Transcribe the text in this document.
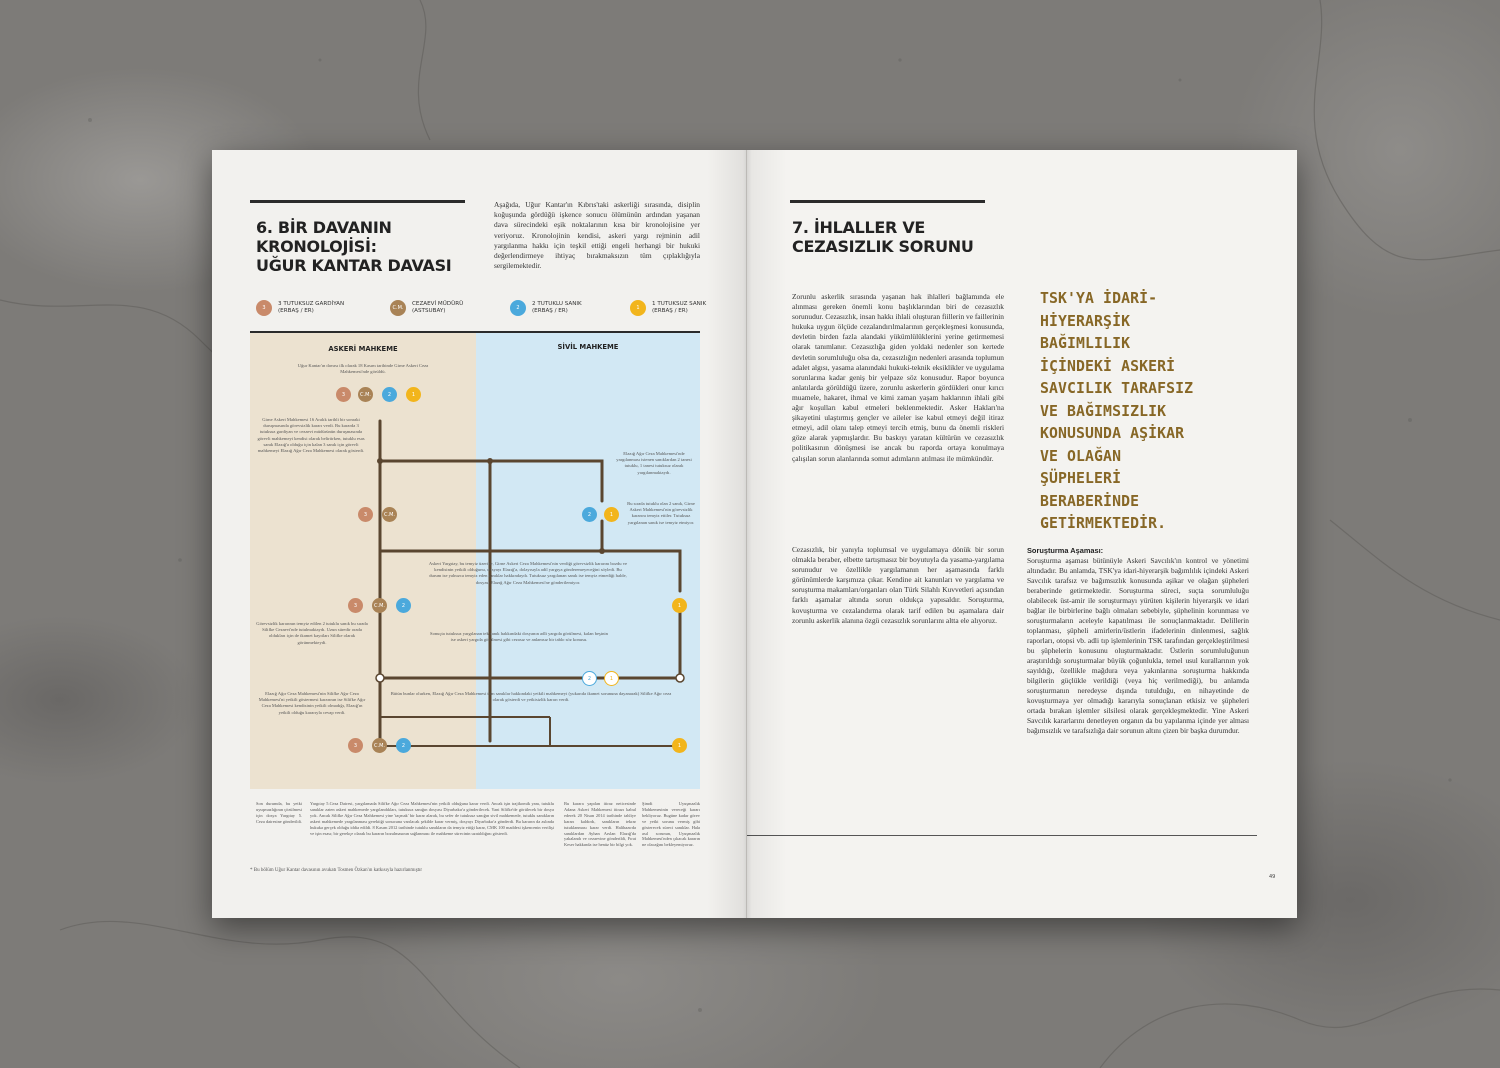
6. BİR DAVANIN
KRONOLOJİSİ:
UĞUR KANTAR DAVASI
Aşağıda, Uğur Kantar'ın Kıbrıs'taki askerliği sırasında, disiplin koğuşunda gördüğü işkence sonucu ölümünün ardından yaşanan dava sürecindeki eşik noktalarının kısa bir kronolojisine yer veriyoruz. Kronolojinin kendisi, askeri yargı rejminin adil yargılanma hakkı için teşkil ettiği engeli herhangi bir hukuki değerlendirmeye ihtiyaç bırakmaksızın tüm çıplaklığıyla sergilemektedir.
3
3 TUTUKSUZ GARDİYAN
(ERBAŞ / ER)
C.M.
CEZAEVİ MÜDÜRÜ
(ASTSUBAY)
2
2 TUTUKLU SANIK
(ERBAŞ / ER)
1
1 TUTUKSUZ SANIK
(ERBAŞ / ER)
ASKERİ MAHKEME	SİVİL MAHKEME
Uğur Kantar'ın davası ilk olarak 18 Kasım tarihinde Girne Askeri Ceza Mahkemesi'nde görüldü.
3	C.M.	2	1
Girne Askeri Mahkemesi 16 Aralık tarihli bir sonraki duruşmasında görevsizlik kararı verdi. Bu kararda 3 tutuksuz gardiyan ve cezaevi müdürünün duruşmasında görevli mahkemeyi kendisi olarak belirtirken, tutuklu esas sanık Elazığ'a olduğu için kalan 3 sanık için görevli mahkemeyi Elazığ Ağır Ceza Mahkemesi olarak gösterdi.
Elazığ Ağır Ceza Mahkemesi'nde yargılanması istenen sanıklardan 2 tanesi tutuklu, 1 tanesi tutuksuz olarak yargılanmaktaydı.
3	C.M.	2	1
Bu sırada tutuklu olan 2 sanık, Girne Askeri Mahkemesi'nin görevsizlik kararını temyiz ettiler. Tutuksuz yargılanan sanık ise temyiz etmiyor.
Askeri Yargıtay, bu temyiz üzerine, Girne Askeri Ceza Mahkemesi'nin verdiği görevsizlik kararını bozdu ve kendisinin yetkili olduğunu, dosyayı Elazığ'a, dolayısıyla adil yargıya gönderemeyeceğini söyledi. Bu durum ise yalnızca temyiz eden sanıklar hakkındaydı. Tutuksuz yargılanan sanık ise temyiz etmediği halde, dosyası Elazığ Ağır Ceza Mahkemesi'ne gönderilemiyor.
3	C.M.	2	1
Sonuçta tutuksuz yargılanan tek sanık hakkındaki dosyanın adli yargıda görülmesi, kalan beşinin ise askeri yargıda görülmesi gibi cezasız ve anlamsız bir tablo söz konusu.
Görevsizlik kararının temyiz edilen 2 tutuklu sanık bu sırada Silifke Cezaevi'nde tutulmaktaydı. Uzun süredir orada oldukları için de ikamet kayıtları Silifke olarak görünmekteydi.
2	1
Bütün bunlar olurken, Elazığ Ağır Ceza Mahkemesi tüm sanıklar hakkındaki yetkili mahkemeyi (yukarıda ikamet sorununa dayanarak) Silifke Ağır ceza olarak gösterdi ve yetkisizlik kararı verdi.
Elazığ Ağır Ceza Mahkemesi'nin Silifke Ağır Ceza Mahkemesi'ni yetkili göstermesi kararının ise Silifke Ağır Ceza Mahkemesi kendisinin yetkili olmadığı, Elazığ'ın yetkili olduğu kararıyla cevap verdi.
3	C.M.	2	1
Son durumda, bu yetki uyuşmazlığının çözülmesi için dosya Yargıtay 5. Ceza dairesine gönderildi.
Yargıtay 5.Ceza Dairesi, yargılamada Silifke Ağır Ceza Mahkemesi'nin yetkili olduğuna karar verdi. Ancak işin trajikomik yanı, tutuklu sanıklar zaten askeri mahkemede yargılandıkları, tutuksuz sanığın dosyası Diyarbakır'a gönderilecek. Yani Silifke'de görülecek bir dosya yok. Ancak Silifke Ağır Ceza Mahkemesi yine 'taçmak' bir karar alarak, bu sefer de tutuksuz sanığın sivil mahkemede, tutuklu sanıkların askeri mahkemede yargılanması gerektiği sonucuna varılacak şekilde karar vermiş, dosyayı Diyarbakır'a gönderdi. Bu kararın da aslında hukuka gerçek olduğu iddia edildi. 8 Kasım 2012 tarihinde tutuklu sanıkların da temyiz ettiği karar, CMK 100 maddesi işkencenin verilişi ve işin esası; bir gerekçe olarak bu kararın bozulmasının sağlanması ile mahkeme sürecinin uzatıldığını gösterdi.
Bu karara yapılan itiraz neticesinde Adana Askeri Mahkemesi itirazı kabul ederek 20 Nisan 2014 tarihinde tahliye kararı kaldırdı, sanıkların tekrar tutuklanması karar verdi. Halihazırda sanıklardan Ayhan Arslan Elazığ'da yakalandı ve cezaevine gönderildi, Fırat Keser hakkında ise henüz bir bilgi yok.
Şimdi Uyuşmazlık Mahkemesinin vereceği kararı bekliyoruz. Bugüne kadar görev ve yetki sorunu vermiş gibi gösterecek süreci sanıklar. Hala asıl sorunun, Uyuşmazlık Mahkemesi'nden çıkacak kararın ne olacağını bekleyemiyoruz.
* Bu bölüm Uğur Kantar davasının avukatı Tosmen Özkan'ın katkısıyla hazırlanmıştır
7. İHLALLER VE
CEZASIZLIK SORUNU
Zorunlu askerlik sırasında yaşanan hak ihlalleri bağlamında ele alınması gereken önemli konu başlıklarından biri de cezasızlık sorunudur. Cezasızlık, insan hakkı ihlali oluşturan fiillerin ve faillerinin hukuka uygun ölçüde cezalandırılmalarının gerçekleşmesi konusunda, devletin birden fazla alandaki yükümlülüklerini yerine getirmemesi olarak tanımlanır. Cezasızlığa giden yoldaki nedenler son kertede devletin sorumluluğu olsa da, cezasızlığın nedenleri arasında toplumun adalet algısı, yasama alanındaki hukuki-teknik eksiklikler ve uygulama sorunlarına kadar geniş bir yelpaze söz konusudur. Rapor boyunca anlatılarda görüldüğü üzere, zorunlu askerlerin gördükleri onur kırıcı muamele, hakaret, ihmal ve kimi zaman yaşam haklarının ihlali gibi ağır koşulları kabul etmeleri beklenmektedir. Asker Hakları'na şikayetini ulaştırmış gençler ve aileler ise kabul etmeyi değil itiraz etmeyi, adil olanı talep etmeyi tercih etmiş, bunu da önemli riskleri göze alarak yapmışlardır. Bu baskıyı yaratan kültürün ve cezasızlık politikasının dönüşmesi ise ancak bu raporda ortaya konulmaya çalışılan sorun alanlarında somut adımların atılması ile mümkündür.
Cezasızlık, bir yanıyla toplumsal ve uygulamaya dönük bir sorun olmakla beraber, elbette tartışmasız bir boyutuyla da yasama-yargılama sorunudur ve özellikle yargılamanın her aşamasında farklı görünümlerde karşımıza çıkar. Kendine ait kanunları ve yargılama ve soruşturma makamları/organları olan Türk Silahlı Kuvvetleri açısından farklı aşamalar altında sorun oldukça yapısaldır. Soruşturma, kovuşturma ve cezalandırma olarak tarif edilen bu aşamalara dair zorunlu askerlik alanına özgü cezasızlık sorunlarını altta ele alıyoruz.
TSK'YA İDARİ-HİYERARŞİK BAĞIMLILIK İÇİNDEKİ ASKERİ SAVCILIK TARAFSIZ VE BAĞIMSIZLIK KONUSUNDA AŞİKAR VE OLAĞAN ŞÜPHELERİ BERABERİNDE GETİRMEKTEDİR.
Soruşturma Aşaması:
Soruşturma aşaması bütünüyle Askeri Savcılık'ın kontrol ve yönetimi altındadır. Bu anlamda, TSK'ya idari-hiyerarşik bağımlılık içindeki Askeri Savcılık tarafsız ve bağımsızlık konusunda aşikar ve olağan şüpheleri beraberinde getirmektedir. Soruşturma süreci, suçta sorumluluğu olabilecek üst-amir ile soruşturmayı yürüten kişilerin hiyerarşik ve idari bağlar ile birbirlerine bağlı olmaları sebebiyle, şüphelinin korunması ve soruşturmaların aceleyle kapatılması ile sonuçlanmaktadır. Delillerin toplanması, şüpheli amirlerin/üstlerin ifadelerinin dinlenmesi, sağlık raporları, otopsi vb. adli tıp işlemlerinin TSK tarafından gerçekleştirilmesi bu şüphelerin konusunu oluşturmaktadır. Üstlerin sorumluluğunun araştırıldığı soruşturmalar büyük çoğunlukla, temel usul kurallarının yok sayıldığı, özellikle mağdura veya yakınlarına soruşturma hakkında bilgilerin güçlükle verildiği (veya hiç verilmediği), bu anlamda soruşturmanın neredeyse dışında tutulduğu, en nihayetinde de kovuşturmaya yer olmadığı kararıyla sonuçlanan etkisiz ve şüpheleri ortada bırakan işlemler silsilesi olarak gerçekleşmektedir. Yine Askeri Savcılık kararlarını denetleyen organın da bu yapılanma içinde yer alması bağımsızlık ve tarafsızlığa dair sorunun altını çizen bir başka durumdur.
49
